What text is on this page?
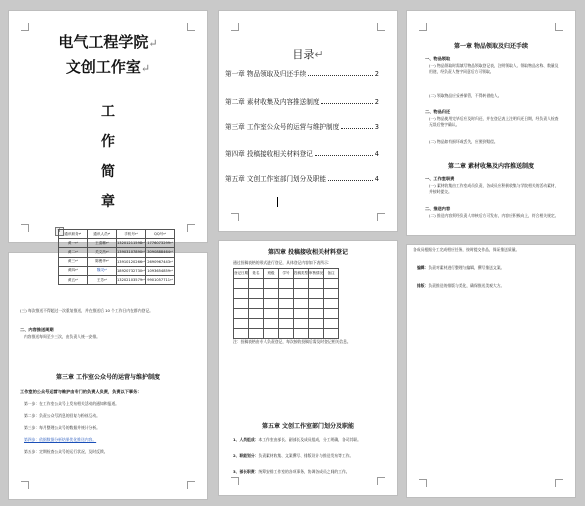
电气工程学院↵
文创工作室↵
工
作
简
章
目录↵
第一章 物品领取及归还手续	2
第二章 素材收集及内容推送制度	2
第三章 工作室公众号的运营与维护制度	3
第四章 投稿接收相关材料登记	4
第五章 文创工作室部门划分及职能	4
第一章 物品领取及归还手续
一、物品领取
(一) 物品领取时需填写物品领取登记表，注明领取人、领取物品名称、数量及用途，经负责人签字同意后方可领取。
(二) 领取物品应妥善保管，不得转借他人。
二、物品归还
(一) 物品使用完毕后应及时归还，并在登记表上注明归还日期，经负责人检查无误后签字确认。
(二) 物品如有损坏或丢失，应照价赔偿。
第二章 素材收集及内容推送制度
一、工作室职责
(一) 素材收集由工作室成员负责，各成员应积极收集与学院相关的活动素材，并按时提交。
二、推送内容
(二) 推送内容须经负责人审核后方可发布，内容应积极向上，符合相关规定。
+ 通讯职务↵	通讯人员↵	手机号↵	QQ号↵
黄一↵	王清琳↵	13201211598↵	1776073299↵
黄二↵	关文杰↵	13903107890↵	3090888464↵
黄三↵	陈俊华↵	13910120266↵	2690967443↵
黄四↵	魏灵↵	18920732730↵	1093654859↵
黄五↵	王芳↵	13202103579↵	9901057711↵
(三) 每次推送不得超过一次重复推送，并在推送后 10 个工作日内在群内登记。
二、内容推送周期
内容推送每周至少三次，由负责人统一安排。
第三章 工作室公众号的运营与维护制度
工作室的公众号运营与维护由专门的负责人负责，负责以下事务：
第一步：在工作室公众号上发布相关活动的通知和报道。
第二步：负责公众号消息的回复与粉丝互动。
第三步：每月整理公众号的数据并统计分析。
第四步：依据数据分析结果优化推送内容。
第五步：定期检查公众号的运行状况，及时反馈。
第四章 投稿接收相关材料登记
通过投稿表格的形式进行登记，具体登记内容如下表所示：
登记日期	姓名	班级	学号	投稿类型	审核情况	备注

注：投稿表格由专人负责登记，每次接收投稿后需及时登记相关信息。
第五章 文创工作室部门划分及职能
1、人员组成：本工作室由部长、副部长及成员组成，分工明确，各司其职。
2、职能划分：负责素材收集、文案撰写、排版设计与推送发布等工作。
3、部长职责：统筹安排工作室的各项事务，协调各成员之间的工作。
各成员根据分工完成相应任务，按时提交作品，保证推送质量。
编辑：负责对素材进行整理与编辑，撰写推送文案。
排版：负责推送的排版与美化，确保推送美观大方。
